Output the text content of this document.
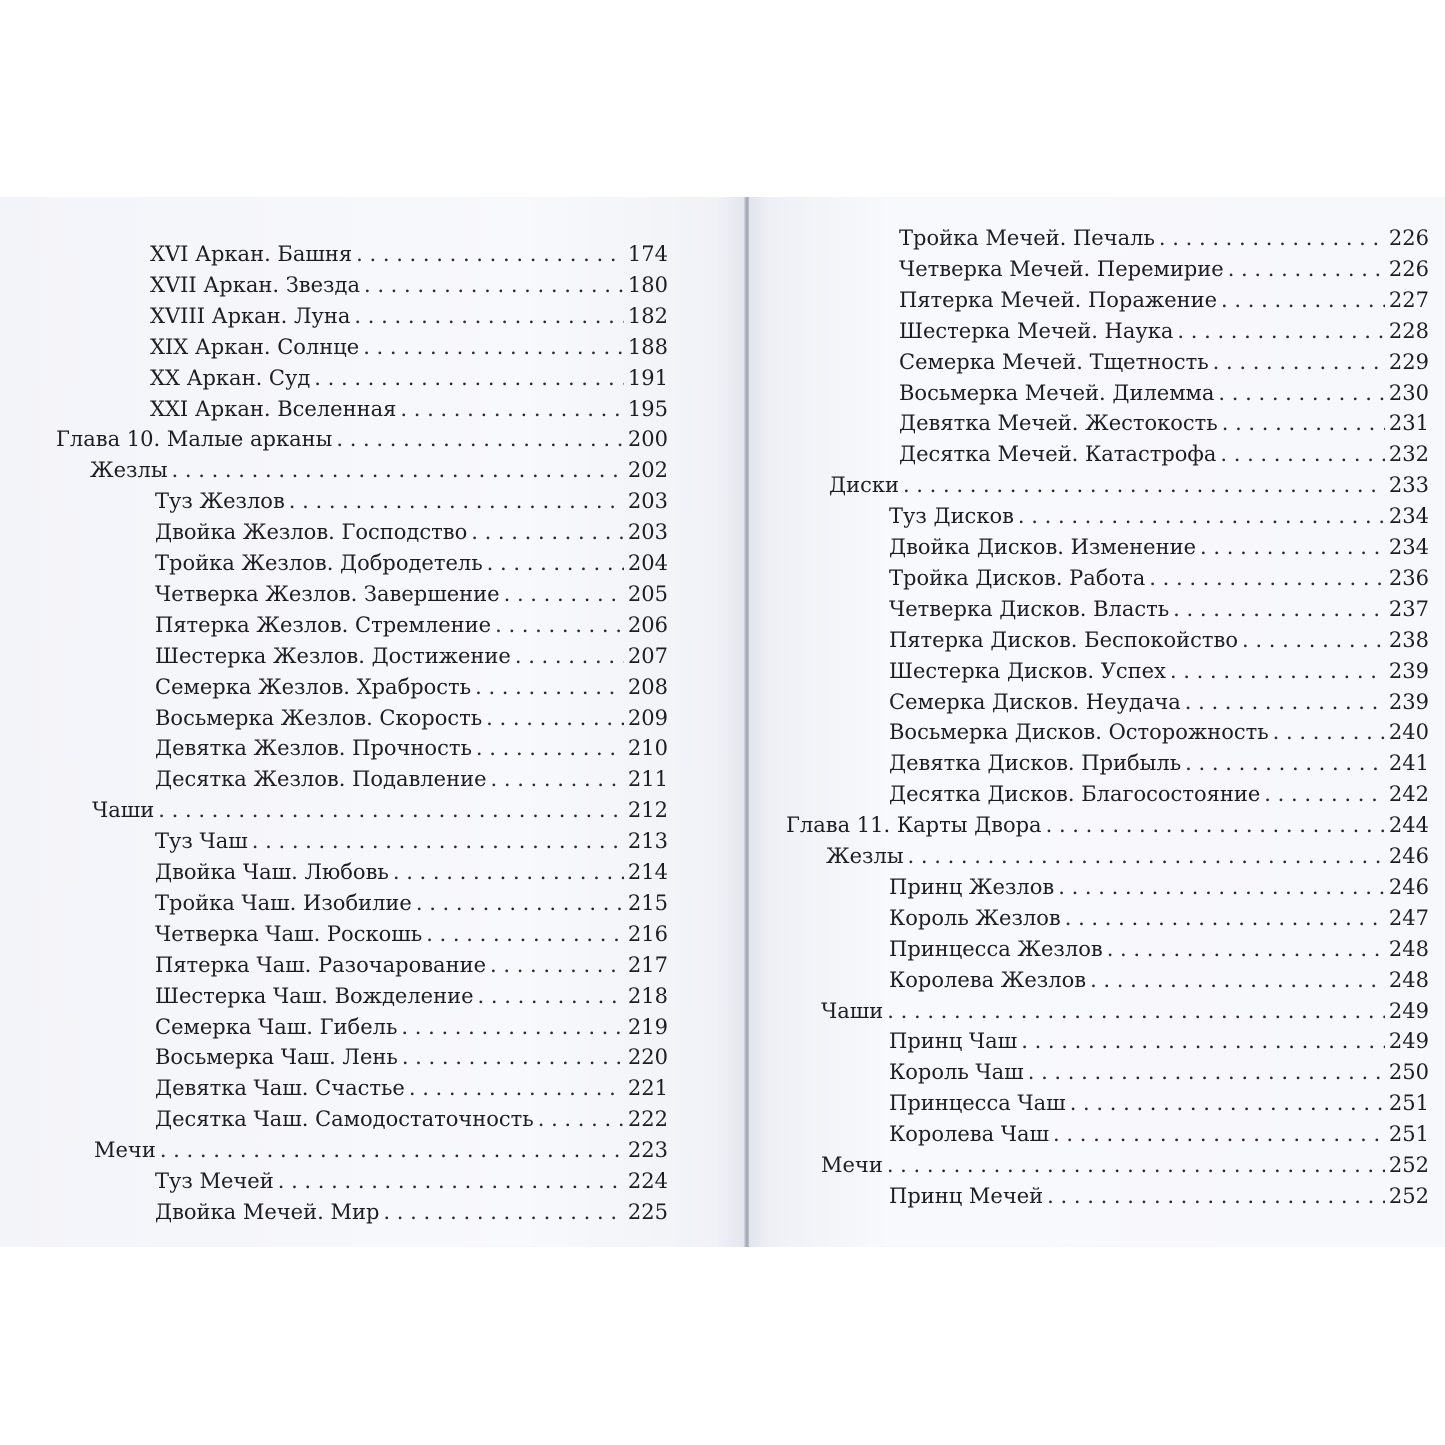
XVI Аркан. Башня . . .	174
XVII Аркан. Звезда . . .	180
XVIII Аркан. Луна . . .	182
XIX Аркан. Солнце . . .	188
XX Аркан. Суд . . .	191
XXI Аркан. Вселенная . . .	195
Глава 10. Малые арканы . . .	200
Жезлы . . .	202
Туз Жезлов . . .	203
Двойка Жезлов. Господство . . .	203
Тройка Жезлов. Добродетель . . .	204
Четверка Жезлов. Завершение . . .	205
Пятерка Жезлов. Стремление . . .	206
Шестерка Жезлов. Достижение . . .	207
Семерка Жезлов. Храбрость . . .	208
Восьмерка Жезлов. Скорость . . .	209
Девятка Жезлов. Прочность . . .	210
Десятка Жезлов. Подавление . . .	211
Чаши . . .	212
Туз Чаш . . .	213
Двойка Чаш. Любовь . . .	214
Тройка Чаш. Изобилие . . .	215
Четверка Чаш. Роскошь . . .	216
Пятерка Чаш. Разочарование . . .	217
Шестерка Чаш. Вожделение . . .	218
Семерка Чаш. Гибель . . .	219
Восьмерка Чаш. Лень . . .	220
Девятка Чаш. Счастье . . .	221
Десятка Чаш. Самодостаточность . . .	222
Мечи . . .	223
Туз Мечей . . .	224
Двойка Мечей. Мир . . .	225
Тройка Мечей. Печаль . . .	226
Четверка Мечей. Перемирие . . .	226
Пятерка Мечей. Поражение . . .	227
Шестерка Мечей. Наука . . .	228
Семерка Мечей. Тщетность . . .	229
Восьмерка Мечей. Дилемма . . .	230
Девятка Мечей. Жестокость . . .	231
Десятка Мечей. Катастрофа . . .	232
Диски . . .	233
Туз Дисков . . .	234
Двойка Дисков. Изменение . . .	234
Тройка Дисков. Работа . . .	236
Четверка Дисков. Власть . . .	237
Пятерка Дисков. Беспокойство . . .	238
Шестерка Дисков. Успех . . .	239
Семерка Дисков. Неудача . . .	239
Восьмерка Дисков. Осторожность . . .	240
Девятка Дисков. Прибыль . . .	241
Десятка Дисков. Благосостояние . . .	242
Глава 11. Карты Двора . . .	244
Жезлы . . .	246
Принц Жезлов . . .	246
Король Жезлов . . .	247
Принцесса Жезлов . . .	248
Королева Жезлов . . .	248
Чаши . . .	249
Принц Чаш . . .	249
Король Чаш . . .	250
Принцесса Чаш . . .	251
Королева Чаш . . .	251
Мечи . . .	252
Принц Мечей . . .	252
